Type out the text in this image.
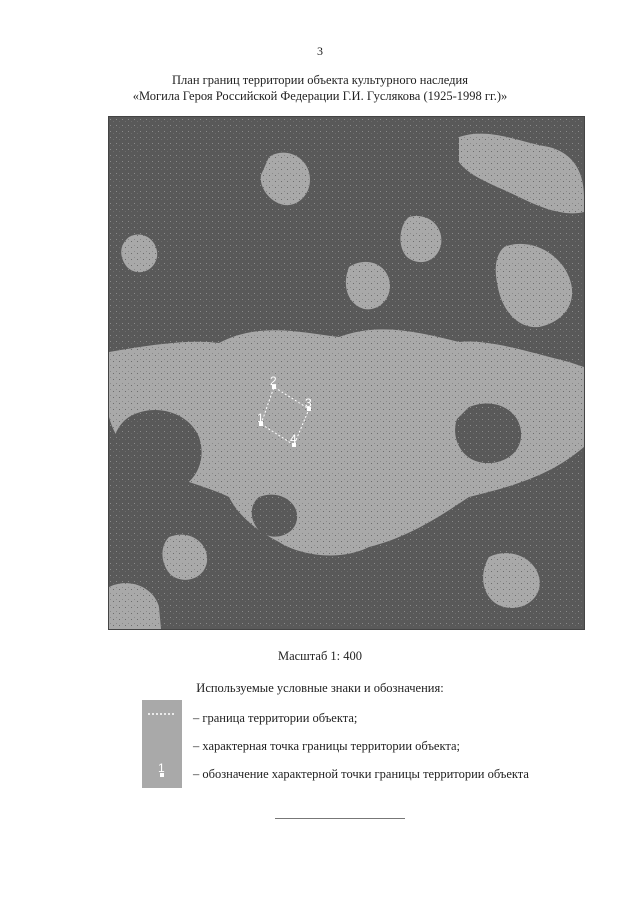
3
План границ территории объекта культурного наследия
«Могила Героя Российской Федерации Г.И. Гуслякова (1925-1998 гг.)»
1
2
3
4
Масштаб 1: 400
Используемые условные знаки и обозначения:
1
– граница территории объекта;
– характерная точка границы территории объекта;
– обозначение характерной точки границы территории объекта
